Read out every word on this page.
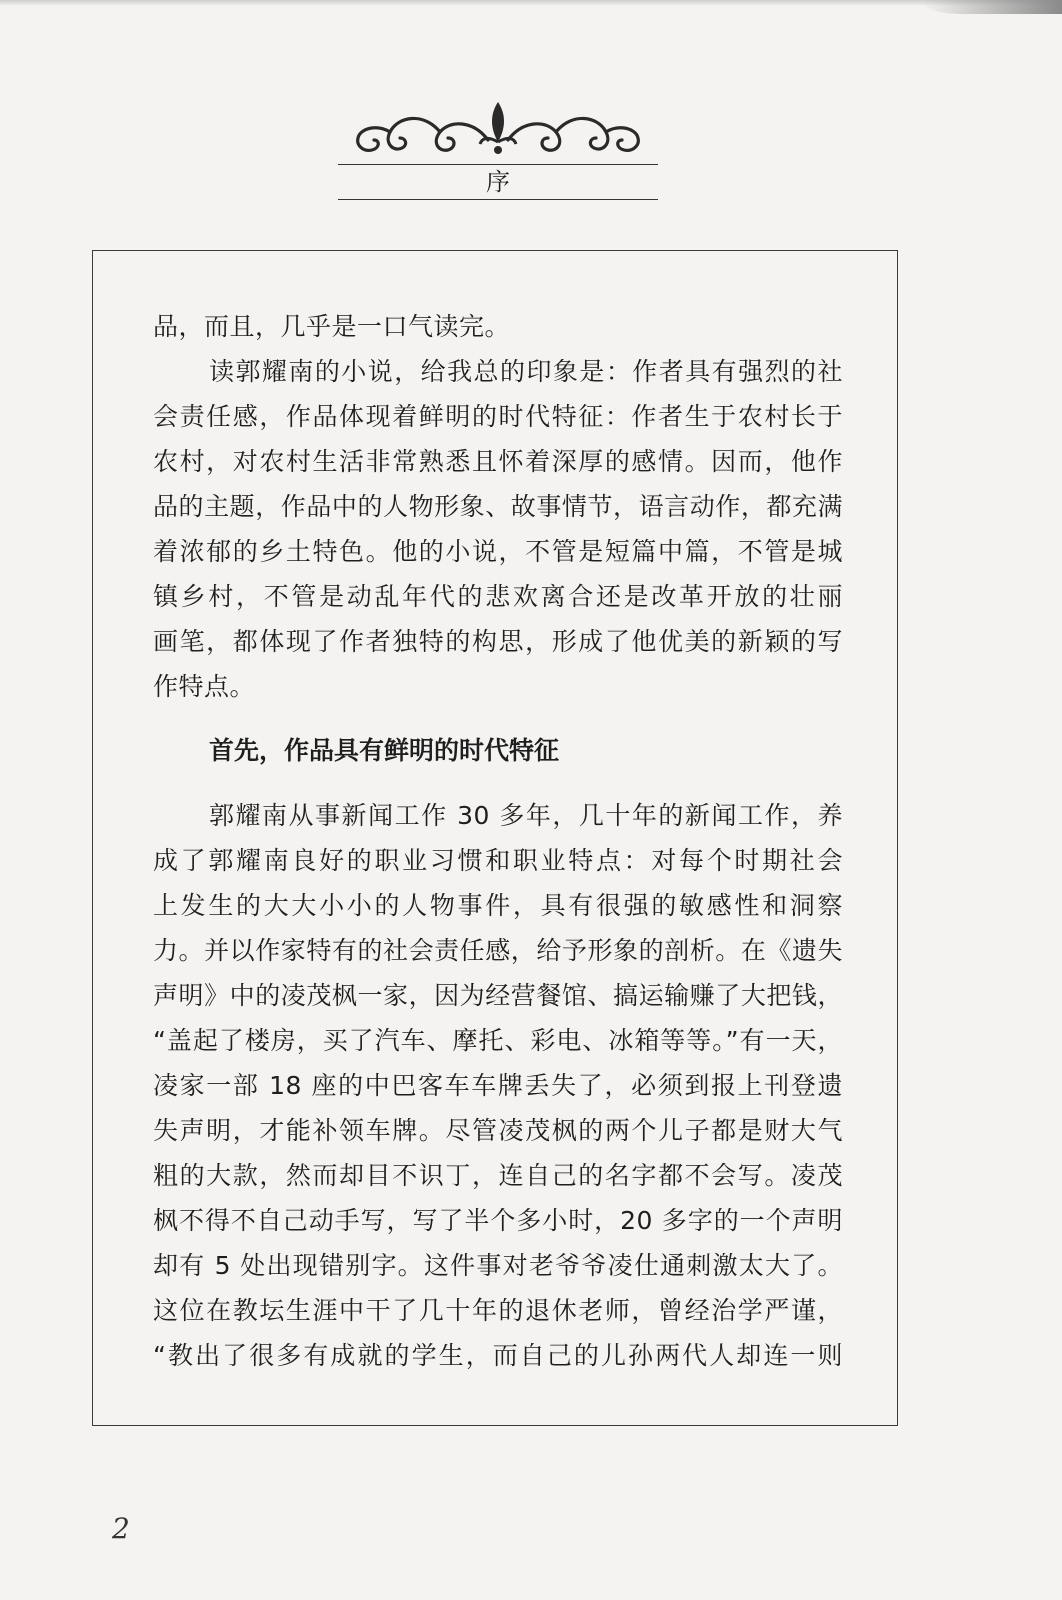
序
品，而且，几乎是一口气读完。
读郭耀南的小说，给我总的印象是：作者具有强烈的社
会责任感，作品体现着鲜明的时代特征：作者生于农村长于
农村，对农村生活非常熟悉且怀着深厚的感情。因而，他作
品的主题，作品中的人物形象、故事情节，语言动作，都充满
着浓郁的乡土特色。他的小说，不管是短篇中篇，不管是城
镇乡村，不管是动乱年代的悲欢离合还是改革开放的壮丽
画笔，都体现了作者独特的构思，形成了他优美的新颖的写
作特点。
首先，作品具有鲜明的时代特征
郭耀南从事新闻工作 30 多年，几十年的新闻工作，养
成了郭耀南良好的职业习惯和职业特点：对每个时期社会
上发生的大大小小的人物事件，具有很强的敏感性和洞察
力。并以作家特有的社会责任感，给予形象的剖析。在《遗失
声明》中的凌茂枫一家，因为经营餐馆、搞运输赚了大把钱，
“盖起了楼房，买了汽车、摩托、彩电、冰箱等等。”有一天，
凌家一部 18 座的中巴客车车牌丢失了，必须到报上刊登遗
失声明，才能补领车牌。尽管凌茂枫的两个儿子都是财大气
粗的大款，然而却目不识丁，连自己的名字都不会写。凌茂
枫不得不自己动手写，写了半个多小时，20 多字的一个声明
却有 5 处出现错别字。这件事对老爷爷凌仕通刺激太大了。
这位在教坛生涯中干了几十年的退休老师，曾经治学严谨，
“教出了很多有成就的学生，而自己的儿孙两代人却连一则
2
